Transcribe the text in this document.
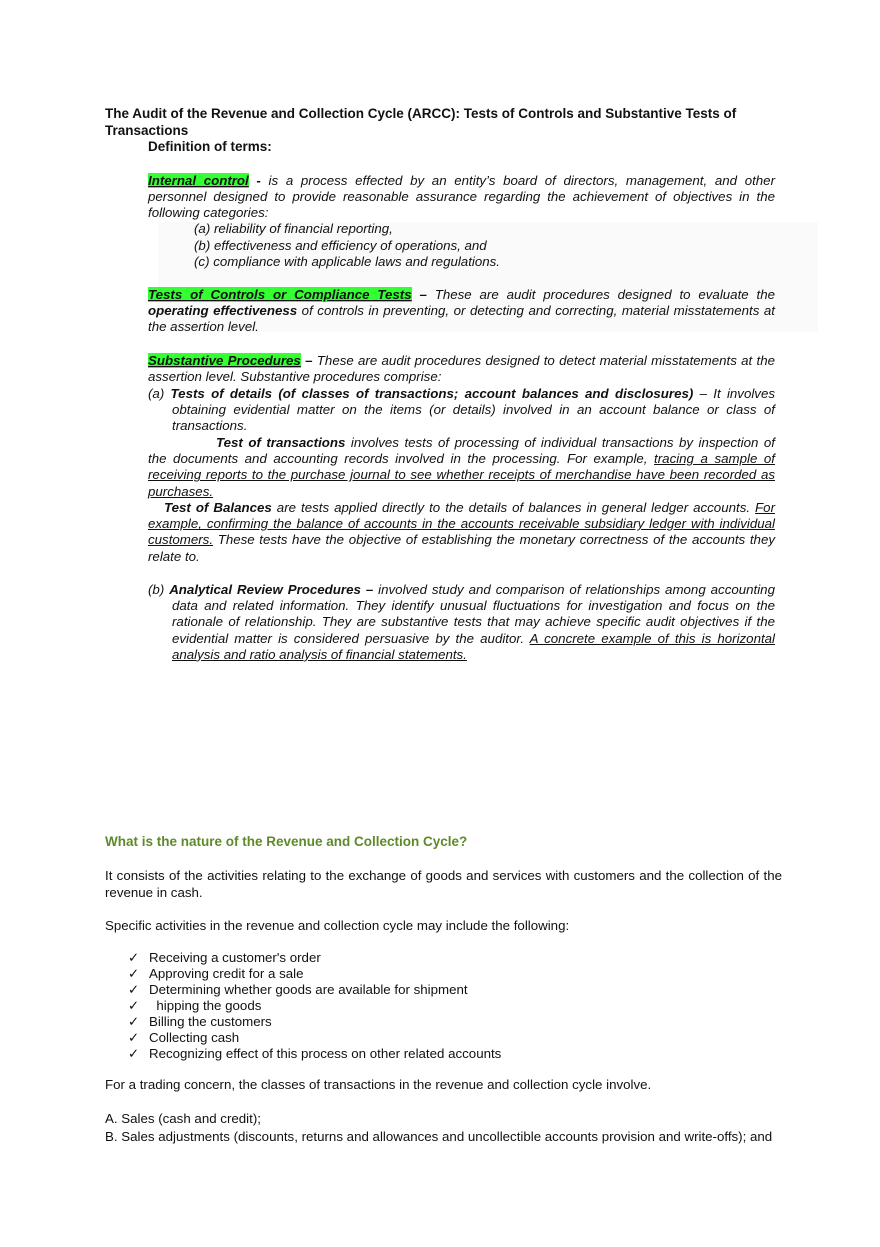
The Audit of the Revenue and Collection Cycle (ARCC): Tests of Controls and Substantive Tests of Transactions
Definition of terms:
Internal control - is a process effected by an entity’s board of directors, management, and other personnel designed to provide reasonable assurance regarding the achievement of objectives in the following categories:
(a) reliability of financial reporting,
(b) effectiveness and efficiency of operations, and
(c) compliance with applicable laws and regulations.
Tests of Controls or Compliance Tests – These are audit procedures designed to evaluate the operating effectiveness of controls in preventing, or detecting and correcting, material misstatements at the assertion level.
Substantive Procedures – These are audit procedures designed to detect material misstatements at the assertion level. Substantive procedures comprise:
(a) Tests of details (of classes of transactions; account balances and disclosures) – It involves obtaining evidential matter on the items (or details) involved in an account balance or class of transactions.
Test of transactions involves tests of processing of individual transactions by inspection of the documents and accounting records involved in the processing. For example, tracing a sample of receiving reports to the purchase journal to see whether receipts of merchandise have been recorded as purchases.
Test of Balances are tests applied directly to the details of balances in general ledger accounts. For example, confirming the balance of accounts in the accounts receivable subsidiary ledger with individual customers. These tests have the objective of establishing the monetary correctness of the accounts they relate to.
(b) Analytical Review Procedures – involved study and comparison of relationships among accounting data and related information. They identify unusual fluctuations for investigation and focus on the rationale of relationship. They are substantive tests that may achieve specific audit objectives if the evidential matter is considered persuasive by the auditor. A concrete example of this is horizontal analysis and ratio analysis of financial statements.
What is the nature of the Revenue and Collection Cycle?
It consists of the activities relating to the exchange of goods and services with customers and the collection of the revenue in cash.
Specific activities in the revenue and collection cycle may include the following:
✓ Receiving a customer's order
✓ Approving credit for a sale
✓ Determining whether goods are available for shipment
✓ hipping the goods
✓ Billing the customers
✓ Collecting cash
✓ Recognizing effect of this process on other related accounts
For a trading concern, the classes of transactions in the revenue and collection cycle involve.
A. Sales (cash and credit);
B. Sales adjustments (discounts, returns and allowances and uncollectible accounts provision and write-offs); and
